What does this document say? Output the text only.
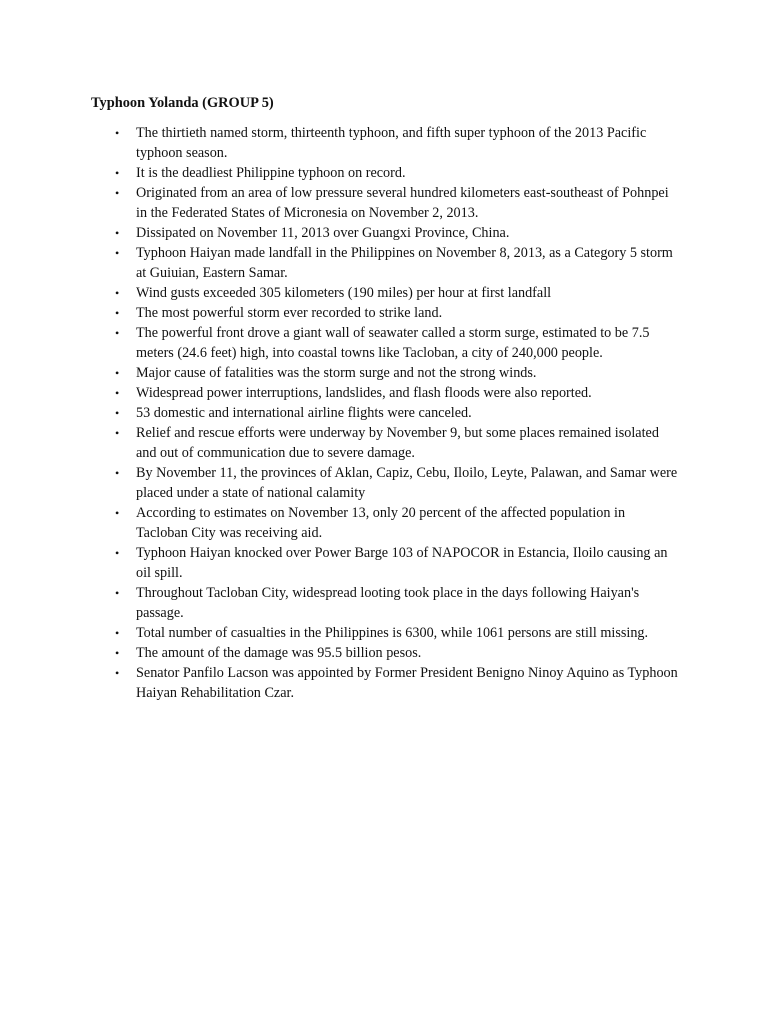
Typhoon Yolanda (GROUP 5)
•	The thirtieth named storm, thirteenth typhoon, and fifth super typhoon of the 2013 Pacific typhoon season.
•	It is the deadliest Philippine typhoon on record.
•	Originated from an area of low pressure several hundred kilometers east-southeast of Pohnpei in the Federated States of Micronesia on November 2, 2013.
•	Dissipated on November 11, 2013 over Guangxi Province, China.
•	Typhoon Haiyan made landfall in the Philippines on November 8, 2013, as a Category 5 storm at Guiuian, Eastern Samar.
•	Wind gusts exceeded 305 kilometers (190 miles) per hour at first landfall
•	The most powerful storm ever recorded to strike land.
•	The powerful front drove a giant wall of seawater called a storm surge, estimated to be 7.5 meters (24.6 feet) high, into coastal towns like Tacloban, a city of 240,000 people.
•	Major cause of fatalities was the storm surge and not the strong winds.
•	Widespread power interruptions, landslides, and flash floods were also reported.
•	53 domestic and international airline flights were canceled.
•	Relief and rescue efforts were underway by November 9, but some places remained isolated and out of communication due to severe damage.
•	By November 11, the provinces of Aklan, Capiz, Cebu, Iloilo, Leyte, Palawan, and Samar were placed under a state of national calamity
•	According to estimates on November 13, only 20 percent of the affected population in Tacloban City was receiving aid.
•	Typhoon Haiyan knocked over Power Barge 103 of NAPOCOR in Estancia, Iloilo causing an oil spill.
•	Throughout Tacloban City, widespread looting took place in the days following Haiyan's passage.
•	Total number of casualties in the Philippines is 6300, while 1061 persons are still missing.
•	The amount of the damage was 95.5 billion pesos.
•	Senator Panfilo Lacson was appointed by Former President Benigno Ninoy Aquino as Typhoon Haiyan Rehabilitation Czar.
